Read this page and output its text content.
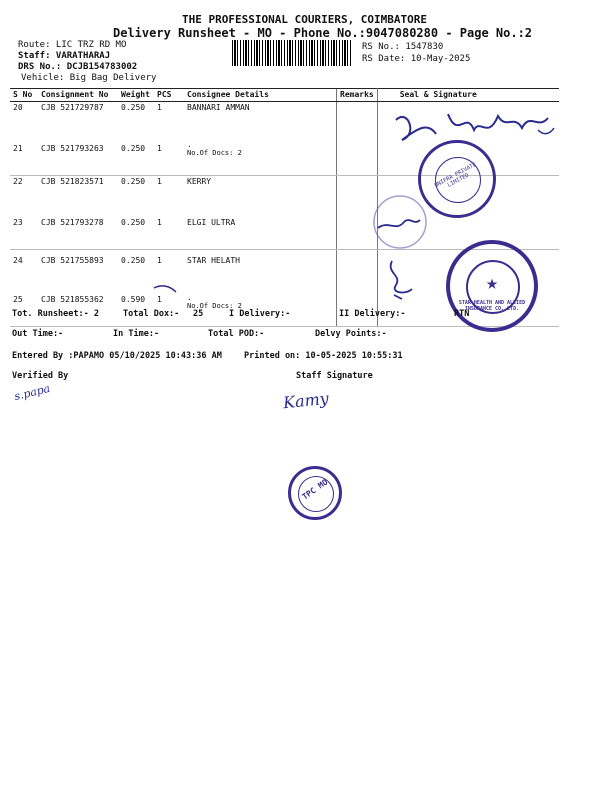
THE PROFESSIONAL COURIERS, COIMBATORE
Delivery Runsheet - MO - Phone No.:9047080280 - Page No.:2
Route: LIC TRZ RD MO
Staff: VARATHARAJ
DRS No.: DCJB154783002
Vehicle: Big Bag Delivery
RS No.: 1547830
RS Date: 10-May-2025
S No	Consignment No	Weight	PCS	Consignee Details	Remarks	Seal & Signature
20	CJB 521729787	0.250	1	BANNARI AMMAN		
21	CJB 521793263	0.250	1	.
No.Of Docs: 2		

22	CJB 521823571	0.250	1	KERRY		
23	CJB 521793278	0.250	1	ELGI ULTRA		
24	CJB 521755893	0.250	1	STAR HELATH		
25	CJB 521855362	0.590	1	.
No.Of Docs: 2		

UNIFRA PRIVATE LIMITED
★
STAR HEALTH AND ALLIED INSURANCE CO. LTD.
Tot. Runsheet:- 2	Total Dox:- 25	I Delivery:-	II Delivery:-	RTN
Out Time:-	In Time:-	Total POD:-	Delvy Points:-
Entered By :PAPAMO 05/10/2025 10:43:36 AM	Printed on: 10-05-2025 10:55:31
Verified By	Staff Signature
s.papa	Kamy
TPC MO
